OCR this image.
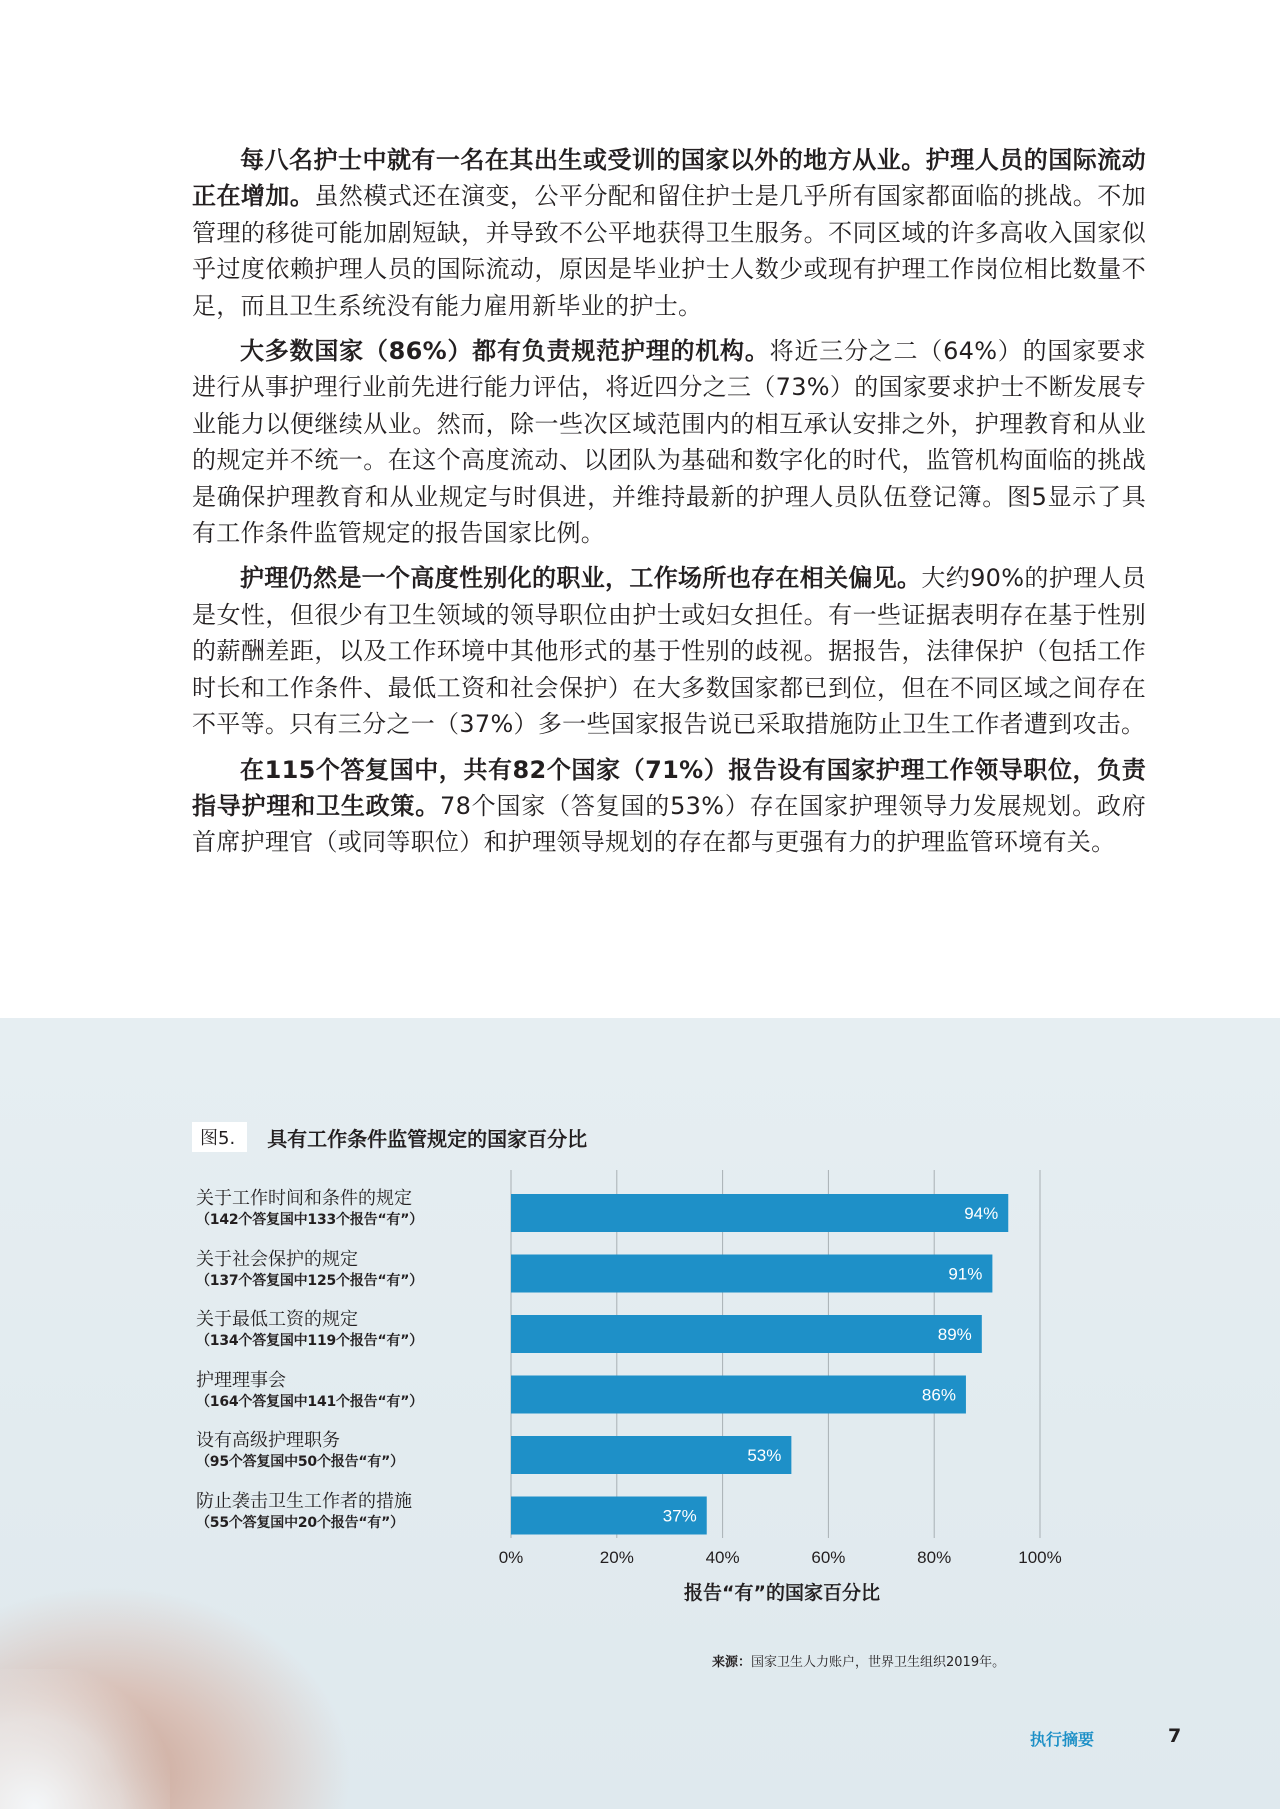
每八名护士中就有一名在其出生或受训的国家以外的地方从业。护理人员的国际流动正在增加。虽然模式还在演变，公平分配和留住护士是几乎所有国家都面临的挑战。不加管理的移徙可能加剧短缺，并导致不公平地获得卫生服务。不同区域的许多高收入国家似乎过度依赖护理人员的国际流动，原因是毕业护士人数少或现有护理工作岗位相比数量不足，而且卫生系统没有能力雇用新毕业的护士。

大多数国家（86%）都有负责规范护理的机构。将近三分之二（64%）的国家要求进行从事护理行业前先进行能力评估，将近四分之三（73%）的国家要求护士不断发展专业能力以便继续从业。然而，除一些次区域范围内的相互承认安排之外，护理教育和从业的规定并不统一。在这个高度流动、以团队为基础和数字化的时代，监管机构面临的挑战是确保护理教育和从业规定与时俱进，并维持最新的护理人员队伍登记簿。图5显示了具有工作条件监管规定的报告国家比例。

护理仍然是一个高度性别化的职业，工作场所也存在相关偏见。大约90%的护理人员是女性，但很少有卫生领域的领导职位由护士或妇女担任。有一些证据表明存在基于性别的薪酬差距，以及工作环境中其他形式的基于性别的歧视。据报告，法律保护（包括工作时长和工作条件、最低工资和社会保护）在大多数国家都已到位，但在不同区域之间存在不平等。只有三分之一（37%）多一些国家报告说已采取措施防止卫生工作者遭到攻击。

在115个答复国中，共有82个国家（71%）报告设有国家护理工作领导职位，负责指导护理和卫生政策。78个国家（答复国的53%）存在国家护理领导力发展规划。政府首席护理官（或同等职位）和护理领导规划的存在都与更强有力的护理监管环境有关。

图5.	具有工作条件监管规定的国家百分比
关于工作时间和条件的规定
（142个答复国中133个报告“有”）
关于社会保护的规定
（137个答复国中125个报告“有”）
关于最低工资的规定
（134个答复国中119个报告“有”）
护理理事会
（164个答复国中141个报告“有”）
设有高级护理职务
（95个答复国中50个报告“有”）
防止袭击卫生工作者的措施
（55个答复国中20个报告“有”）
0%	20%	40%	60%	80%	100%
94%
91%
89%
86%
53%
37%
报告“有”的国家百分比
来源：国家卫生人力账户，世界卫生组织2019年。
执行摘要	7
